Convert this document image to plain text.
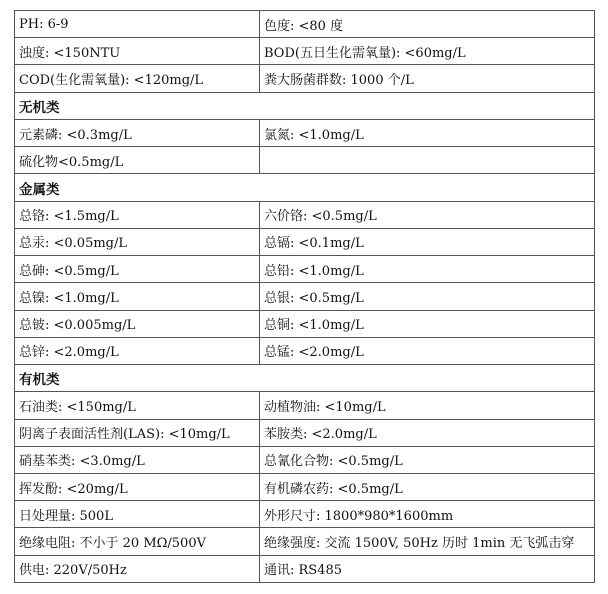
PH: 6-9	色度: <80 度
浊度: <150NTU	BOD(五日生化需氧量): <60mg/L
COD(生化需氧量): <120mg/L	粪大肠菌群数: 1000 个/L
无机类	
元素磷: <0.3mg/L	氯氮: <1.0mg/L
硫化物<0.5mg/L	
金属类	
总铬: <1.5mg/L	六价铬: <0.5mg/L
总汞: <0.05mg/L	总镉: <0.1mg/L
总砷: <0.5mg/L	总铅: <1.0mg/L
总镍: <1.0mg/L	总银: <0.5mg/L
总铍: <0.005mg/L	总铜: <1.0mg/L
总锌: <2.0mg/L	总锰: <2.0mg/L
有机类	
石油类: <150mg/L	动植物油: <10mg/L
阴离子表面活性剂(LAS): <10mg/L	苯胺类: <2.0mg/L
硝基苯类: <3.0mg/L	总氰化合物: <0.5mg/L
挥发酚: <20mg/L	有机磷农药: <0.5mg/L
日处理量: 500L	外形尺寸: 1800*980*1600mm
绝缘电阻: 不小于 20 MΩ/500V	绝缘强度: 交流 1500V, 50Hz 历时 1min 无飞弧击穿
供电: 220V/50Hz	通讯: RS485
